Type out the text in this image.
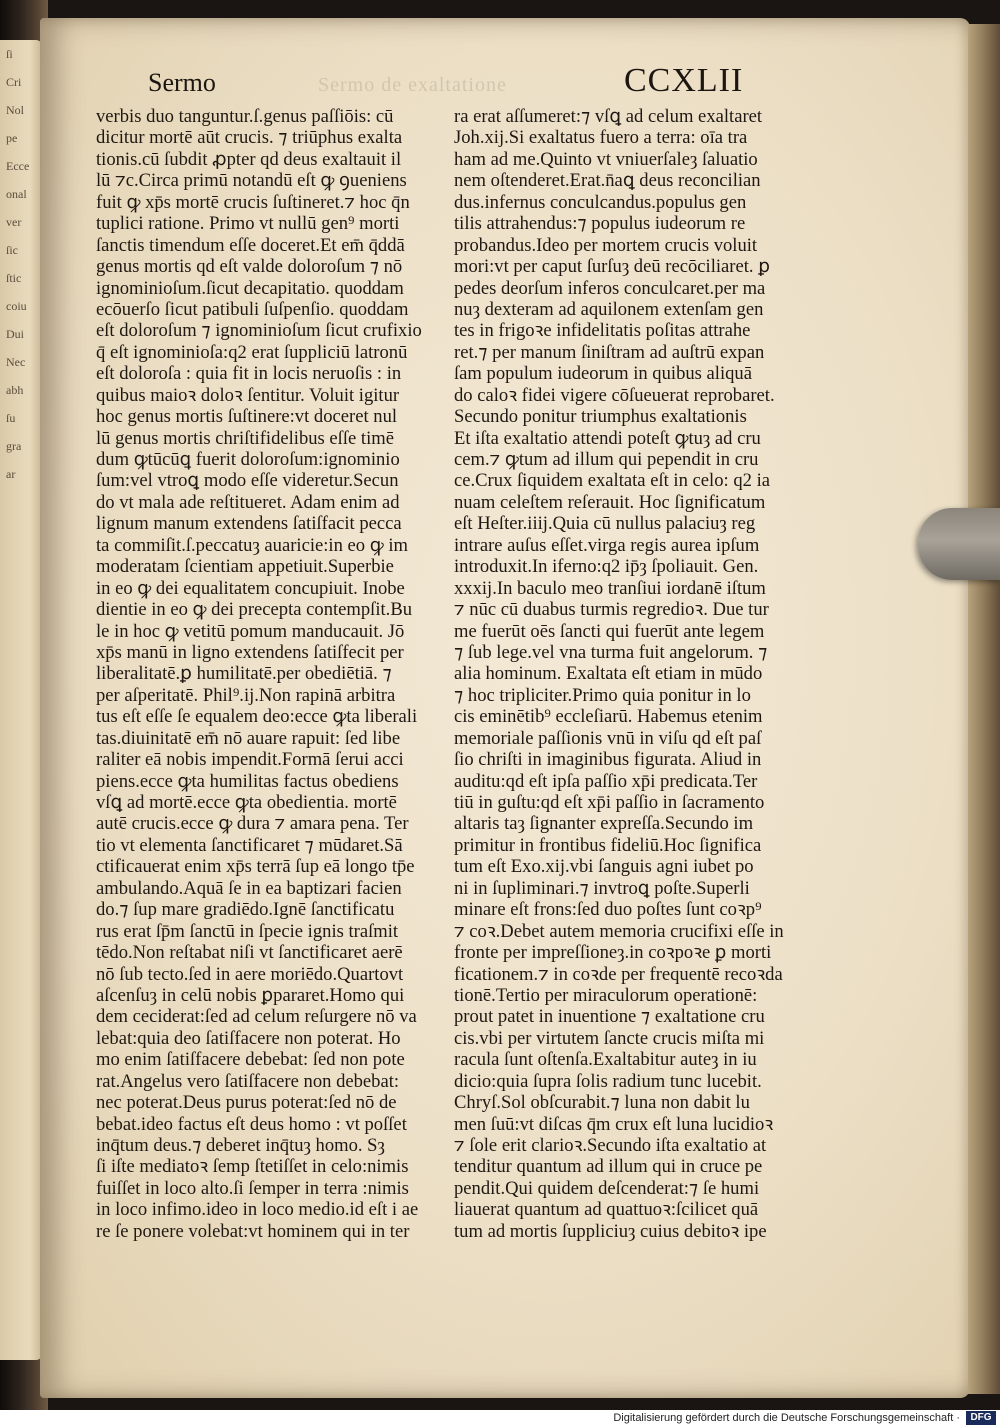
ſi
Cri
Nol
pe
Ecce
onal
ver
ſic
ſtic
coiu
Dui
Nec
abh
ſu
gra
ar
Sermo	Sermo de exaltatione	CCXLII
verbis duo tanguntur.ſ.genus paſſiōis: cū
dicitur mortē aūt crucis. ⁊ triūphus exalta
tionis.cū ſubdit ꝓpter qd deus exaltauit il
lū ⁊c.Circa primū notandū eſt ꝙ ꝯueniens
fuit ꝙ xp̄s mortē crucis ſuſtineret.⁊ hoc q̄n
tuplici ratione. Primo vt nullū gen⁹ morti
ſanctis timendum eſſe doceret.Et em̄ q̄ddā
genus mortis qd eſt valde doloroſum ⁊ nō
ignominioſum.ſicut decapitatio. quoddam
ecōuerſo ſicut patibuli ſuſpenſio. quoddam
eſt doloroſum ⁊ ignominioſum ſicut crufixio
q̄ eſt ignominioſa:q2 erat ſuppliciū latronū
eſt doloroſa : quia fit in locis neruoſis : in
quibus maioꝛ doloꝛ ſentitur. Voluit igitur
hoc genus mortis ſuſtinere:vt doceret nul
lū genus mortis chriſtifidelibus eſſe timē
dum ꝙtūcūꝗ fuerit doloroſum:ignominio
ſum:vel vtroꝗ modo eſſe videretur.Secun
do vt mala ade reſtitueret. Adam enim ad
lignum manum extendens ſatiſfacit pecca
ta commiſit.ſ.peccatuȝ auaricie:in eo ꝙ im
moderatam ſcientiam appetiuit.Superbie
in eo ꝙ dei equalitatem concupiuit. Inobe
dientie in eo ꝙ dei precepta contempſit.Bu
le in hoc ꝙ vetitū pomum manducauit. Jō
xp̄s manū in ligno extendens ſatiſfecit per
liberalitatē.ꝑ humilitatē.per obediētiā. ⁊
per aſperitatē. Phil⁹.ij.Non rapinā arbitra
tus eſt eſſe ſe equalem deo:ecce ꝙta liberali
tas.diuinitatē em̄ nō auare rapuit: ſed libe
raliter eā nobis impendit.Formā ſerui acci
piens.ecce ꝙta humilitas factus obediens
vſꝗ ad mortē.ecce ꝙta obedientia. mortē
autē crucis.ecce ꝙ dura ⁊ amara pena. Ter
tio vt elementa ſanctificaret ⁊ mūdaret.Sā
ctificauerat enim xp̄s terrā ſup eā longo tp̄e
ambulando.Aquā ſe in ea baptizari facien
do.⁊ ſup mare gradiēdo.Ignē ſanctificatu
rus erat ſp̄m ſanctū in ſpecie ignis traſmit
tēdo.Non reſtabat niſi vt ſanctificaret aerē
nō ſub tecto.ſed in aere moriēdo.Quartovt
aſcenſuȝ in celū nobis ꝑpararet.Homo qui
dem ceciderat:ſed ad celum reſurgere nō va
lebat:quia deo ſatiſfacere non poterat. Ho
mo enim ſatiſfacere debebat: ſed non pote
rat.Angelus vero ſatiſfacere non debebat:
nec poterat.Deus purus poterat:ſed nō de
bebat.ideo factus eſt deus homo : vt poſſet
inq̄tum deus.⁊ deberet inq̄tuȝ homo. Sȝ
ſi iſte mediatoꝛ ſemp ſtetiſſet in celo:nimis
fuiſſet in loco alto.ſi ſemper in terra :nimis
in loco infimo.ideo in loco medio.id eſt i ae
re ſe ponere volebat:vt hominem qui in ter
ra erat aſſumeret:⁊ vſꝗ ad celum exaltaret
Joh.xij.Si exaltatus fuero a terra: oīa tra
ham ad me.Quinto vt vniuerſaleȝ ſaluatio
nem oſtenderet.Erat.n̄aꝗ deus reconcilian
dus.infernus conculcandus.populus gen
tilis attrahendus:⁊ populus iudeorum re
probandus.Ideo per mortem crucis voluit
mori:vt per caput ſurſuȝ deū recōciliaret. ꝑ
pedes deorſum inferos conculcaret.per ma
nuȝ dexteram ad aquilonem extenſam gen
tes in frigoꝛe infidelitatis poſitas attrahe
ret.⁊ per manum ſiniſtram ad auſtrū expan
ſam populum iudeorum in quibus aliquā
do caloꝛ fidei vigere cōſueuerat reprobaret.
Secundo ponitur triumphus exaltationis
Et iſta exaltatio attendi poteſt ꝙtuȝ ad cru
cem.⁊ ꝙtum ad illum qui pependit in cru
ce.Crux ſiquidem exaltata eſt in celo: q2 ia
nuam celeſtem reſerauit. Hoc ſignificatum
eſt Heſter.iiij.Quia cū nullus palaciuȝ reg
intrare auſus eſſet.virga regis aurea ipſum
introduxit.In iferno:q2 ip̄ȝ ſpoliauit. Gen.
xxxij.In baculo meo tranſiui iordanē iſtum
⁊ nūc cū duabus turmis regredioꝛ. Due tur
me fuerūt oēs ſancti qui fuerūt ante legem
⁊ ſub lege.vel vna turma fuit angelorum. ⁊
alia hominum. Exaltata eſt etiam in mūdo
⁊ hoc tripliciter.Primo quia ponitur in lo
cis eminētib⁹ eccleſiarū. Habemus etenim
memoriale paſſionis vnū in viſu qd eſt paſ
ſio chriſti in imaginibus figurata. Aliud in
auditu:qd eſt ipſa paſſio xp̄i predicata.Ter
tiū in guſtu:qd eſt xp̄i paſſio in ſacramento
altaris taȝ ſignanter expreſſa.Secundo im
primitur in frontibus fideliū.Hoc ſignifica
tum eſt Exo.xij.vbi ſanguis agni iubet po
ni in ſupliminari.⁊ invtroꝗ poſte.Superli
minare eſt frons:ſed duo poſtes ſunt coꝛp⁹
⁊ coꝛ.Debet autem memoria crucifixi eſſe in
fronte per impreſſioneȝ.in coꝛpoꝛe ꝑ morti
ficationem.⁊ in coꝛde per frequentē recoꝛda
tionē.Tertio per miraculorum operationē:
prout patet in inuentione ⁊ exaltatione cru
cis.vbi per virtutem ſancte crucis miſta mi
racula ſunt oſtenſa.Exaltabitur auteȝ in iu
dicio:quia ſupra ſolis radium tunc lucebit.
Chryſ.Sol obſcurabit.⁊ luna non dabit lu
men ſuū:vt diſcas q̄m crux eſt luna lucidioꝛ
⁊ ſole erit clarioꝛ.Secundo iſta exaltatio at
tenditur quantum ad illum qui in cruce pe
pendit.Qui quidem deſcenderat:⁊ ſe humi
liauerat quantum ad quattuoꝛ:ſcilicet quā
tum ad mortis ſuppliciuȝ cuius debitoꝛ ipe
Digitalisierung gefördert durch die Deutsche Forschungsgemeinschaft ·	DFG
